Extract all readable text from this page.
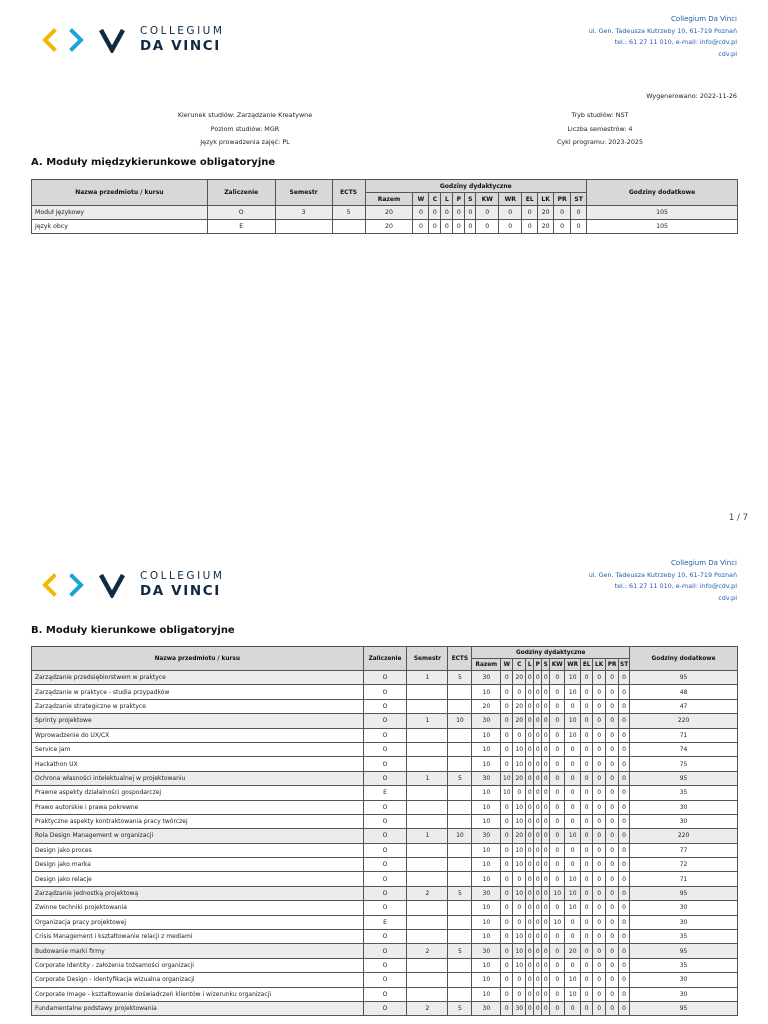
COLLEGIUM
DA VINCI
Collegium Da Vinci
ul. Gen. Tadeusza Kutrzeby 10, 61-719 Poznań
tel.: 61 27 11 010, e-mail: info@cdv.pl
cdv.pl
Wygenerowano: 2022-11-26
Kierunek studiów: Zarządzanie Kreatywne
Poziom studiów: MGR
Język prowadzenia zajęć: PL
Tryb studiów: NST
Liczba semestrów: 4
Cykl programu: 2023-2025
A. Moduły międzykierunkowe obligatoryjne
Nazwa przedmiotu / kursu	Zaliczenie	Semestr	ECTS	Godziny dydaktyczne												Godziny dodatkowe
				Razem	W	C	L	P	S	KW	WR	EL	LK	PR	ST	
Moduł językowy	O	3	5	20	0	0	0	0	0	0	0	0	20	0	0	105
Język obcy	E			20	0	0	0	0	0	0	0	0	20	0	0	105
1 / 7
COLLEGIUM
DA VINCI
Collegium Da Vinci
ul. Gen. Tadeusza Kutrzeby 10, 61-719 Poznań
tel.: 61 27 11 010, e-mail: info@cdv.pl
cdv.pl
B. Moduły kierunkowe obligatoryjne
Nazwa przedmiotu / kursu	Zaliczenie	Semestr	ECTS	Godziny dydaktyczne												Godziny dodatkowe
				Razem	W	C	L	P	S	KW	WR	EL	LK	PR	ST	
Zarządzanie przedsiębiorstwem w praktyce	O	1	5	30	0	20	0	0	0	0	10	0	0	0	0	95
Zarządzanie w praktyce - studia przypadków	O			10	0	0	0	0	0	0	10	0	0	0	0	48
Zarządzanie strategiczne w praktyce	O			20	0	20	0	0	0	0	0	0	0	0	0	47
Sprinty projektowe	O	1	10	30	0	20	0	0	0	0	10	0	0	0	0	220
Wprowadzenie do UX/CX	O			10	0	0	0	0	0	0	10	0	0	0	0	71
Service jam	O			10	0	10	0	0	0	0	0	0	0	0	0	74
Hackathon UX	O			10	0	10	0	0	0	0	0	0	0	0	0	75
Ochrona własności intelektualnej w projektowaniu	O	1	5	30	10	20	0	0	0	0	0	0	0	0	0	95
Prawne aspekty działalności gospodarczej	E			10	10	0	0	0	0	0	0	0	0	0	0	35
Prawo autorskie i prawa pokrewne	O			10	0	10	0	0	0	0	0	0	0	0	0	30
Praktyczne aspekty kontraktowania pracy twórczej	O			10	0	10	0	0	0	0	0	0	0	0	0	30
Rola Design Management w organizacji	O	1	10	30	0	20	0	0	0	0	10	0	0	0	0	220
Design jako proces	O			10	0	10	0	0	0	0	0	0	0	0	0	77
Design jako marka	O			10	0	10	0	0	0	0	0	0	0	0	0	72
Design jako relacje	O			10	0	0	0	0	0	0	10	0	0	0	0	71
Zarządzanie jednostką projektową	O	2	5	30	0	10	0	0	0	10	10	0	0	0	0	95
Zwinne techniki projektowania	O			10	0	0	0	0	0	0	10	0	0	0	0	30
Organizacja pracy projektowej	E			10	0	0	0	0	0	10	0	0	0	0	0	30
Crisis Management i kształtowanie relacji z mediami	O			10	0	10	0	0	0	0	0	0	0	0	0	35
Budowanie marki firmy	O	2	5	30	0	10	0	0	0	0	20	0	0	0	0	95
Corporate Identity - założenia tożsamości organizacji	O			10	0	10	0	0	0	0	0	0	0	0	0	35
Corporate Design - identyfikacja wizualna organizacji	O			10	0	0	0	0	0	0	10	0	0	0	0	30
Corporate Image - kształtowanie doświadczeń klientów i wizerunku organizacji	O			10	0	0	0	0	0	0	10	0	0	0	0	30
Fundamentalne podstawy projektowania	O	2	5	30	0	30	0	0	0	0	0	0	0	0	0	95
